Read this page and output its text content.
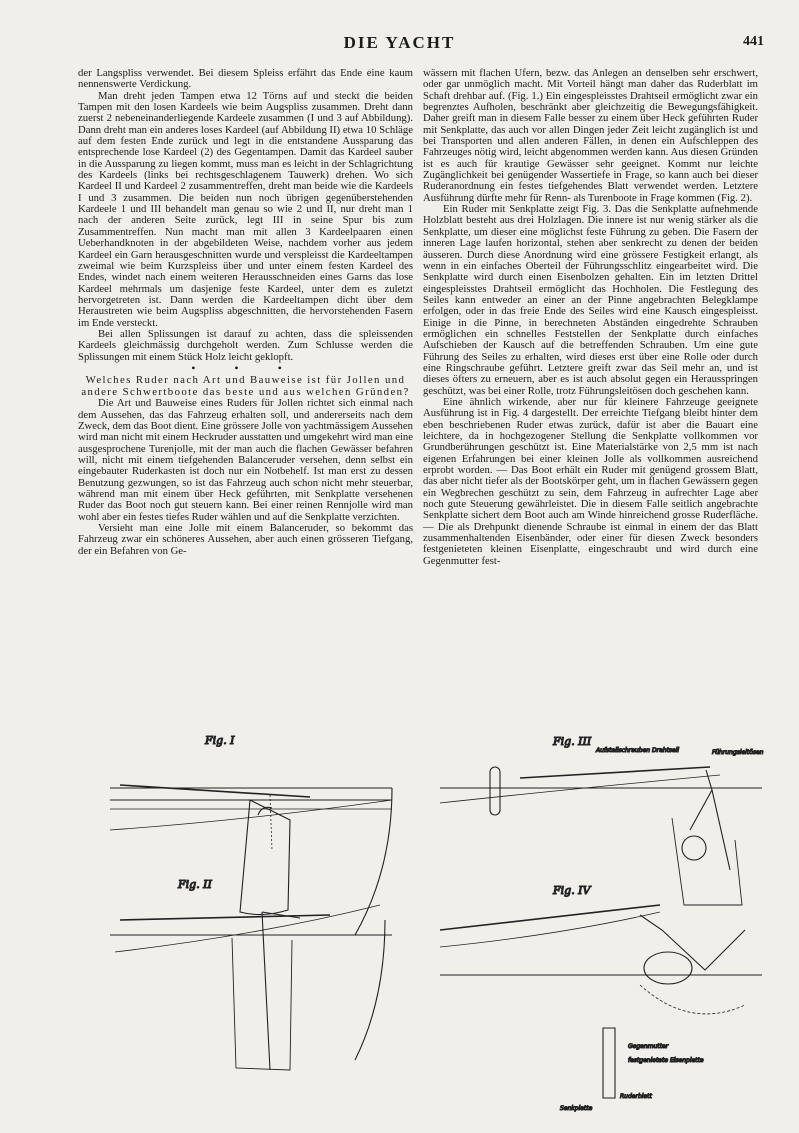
DIE YACHT	441

der Langspliss verwendet. Bei diesem Spleiss erfährt das Ende eine kaum nennenswerte Verdickung.

Man dreht jeden Tampen etwa 12 Törns auf und steckt die beiden Tampen mit den losen Kardeels wie beim Augspliss zusammen. Dreht dann zuerst 2 nebeneinanderliegende Kardeele zusammen (I und 3 auf Abbildung). Dann dreht man ein anderes loses Kardeel (auf Abbildung II) etwa 10 Schläge auf dem festen Ende zurück und legt in die entstandene Aussparung das entsprechende lose Kardeel (2) des Gegentampen. Damit das Kardeel sauber in die Aussparung zu liegen kommt, muss man es leicht in der Schlagrichtung des Kardeels (links bei rechtsgeschlagenem Tauwerk) drehen. Wo sich Kardeel II und Kardeel 2 zusammentreffen, dreht man beide wie die Kardeels I und 3 zusammen. Die beiden nun noch übrigen gegenüberstehenden Kardeele 1 und III behandelt man genau so wie 2 und II, nur dreht man 1 nach der anderen Seite zurück, legt III in seine Spur bis zum Zusammentreffen. Nun macht man mit allen 3 Kardeelpaaren einen Ueberhandknoten in der abgebildeten Weise, nachdem vorher aus jedem Kardeel ein Garn herausgeschnitten wurde und verspleisst die Kardeeltampen zweimal wie beim Kurzspleiss über und unter einem festen Kardeel des Endes, windet nach einem weiteren Herausschneiden eines Garns das lose Kardeel mehrmals um dasjenige feste Kardeel, unter dem es zuletzt hervorgetreten ist. Dann werden die Kardeeltampen dicht über dem Heraustreten wie beim Augspliss abgeschnitten, die hervorstehenden Fasern im Ende versteckt.

Bei allen Splissungen ist darauf zu achten, dass die spleissenden Kardeels gleichmässig durchgeholt werden. Zum Schlusse werden die Splissungen mit einem Stück Holz leicht geklopft.

• • •

Welches Ruder nach Art und Bauweise ist für Jollen und andere Schwertboote das beste und aus welchen Gründen?

Die Art und Bauweise eines Ruders für Jollen richtet sich einmal nach dem Aussehen, das das Fahrzeug erhalten soll, und andererseits nach dem Zweck, dem das Boot dient. Eine grössere Jolle von yachtmässigem Aussehen wird man nicht mit einem Heckruder ausstatten und umgekehrt wird man eine ausgesprochene Turenjolle, mit der man auch die flachen Gewässer befahren will, nicht mit einem tiefgehenden Balanceruder versehen, denn selbst ein eingebauter Ruderkasten ist doch nur ein Notbehelf. Ist man erst zu dessen Benutzung gezwungen, so ist das Fahrzeug auch schon nicht mehr steuerbar, während man mit einem über Heck geführten, mit Senkplatte versehenen Ruder das Boot noch gut steuern kann. Bei einer reinen Rennjolle wird man wohl aber ein festes tiefes Ruder wählen und auf die Senkplatte verzichten.

Versieht man eine Jolle mit einem Balanceruder, so bekommt das Fahrzeug zwar ein schöneres Aussehen, aber auch einen grösseren Tiefgang, der ein Befahren von Ge-

wässern mit flachen Ufern, bezw. das Anlegen an denselben sehr erschwert, oder gar unmöglich macht. Mit Vorteil hängt man daher das Ruderblatt im Schaft drehbar auf. (Fig. 1.) Ein eingespleisstes Drahtseil ermöglicht zwar ein begrenztes Aufholen, beschränkt aber gleichzeitig die Bewegungsfähigkeit. Daher greift man in diesem Falle besser zu einem über Heck geführten Ruder mit Senkplatte, das auch vor allen Dingen jeder Zeit leicht zugänglich ist und bei Transporten und allen anderen Fällen, in denen ein Aufschleppen des Fahrzeuges nötig wird, leicht abgenommen werden kann. Aus diesen Gründen ist es auch für krautige Gewässer sehr geeignet. Kommt nur leichte Zugänglichkeit bei genügender Wassertiefe in Frage, so kann auch bei dieser Ruderanordnung ein festes tiefgehendes Blatt verwendet werden. Letztere Ausführung dürfte mehr für Renn- als Turenboote in Frage kommen (Fig. 2).

Ein Ruder mit Senkplatte zeigt Fig. 3. Das die Senkplatte aufnehmende Holzblatt besteht aus drei Holzlagen. Die innere ist nur wenig stärker als die Senkplatte, um dieser eine möglichst feste Führung zu geben. Die Fasern der inneren Lage laufen horizontal, stehen aber senkrecht zu denen der beiden äusseren. Durch diese Anordnung wird eine grössere Festigkeit erlangt, als wenn in ein einfaches Oberteil der Führungsschlitz eingearbeitet wird. Die Senkplatte wird durch einen Eisenbolzen gehalten. Ein im letzten Drittel eingespleisstes Drahtseil ermöglicht das Hochholen. Die Festlegung des Seiles kann entweder an einer an der Pinne angebrachten Belegklampe erfolgen, oder in das freie Ende des Seiles wird eine Kausch eingespleisst. Einige in die Pinne, in berechneten Abständen eingedrehte Schrauben ermöglichen ein schnelles Feststellen der Senkplatte durch einfaches Aufschieben der Kausch auf die betreffenden Schrauben. Um eine gute Führung des Seiles zu erhalten, wird dieses erst über eine Rolle oder durch eine Ringschraube geführt. Letztere greift zwar das Seil mehr an, und ist dieses öfters zu erneuern, aber es ist auch absolut gegen ein Herausspringen geschützt, was bei einer Rolle, trotz Führungsleitösen doch geschehen kann.

Eine ähnlich wirkende, aber nur für kleinere Fahrzeuge geeignete Ausführung ist in Fig. 4 dargestellt. Der erreichte Tiefgang bleibt hinter dem eben beschriebenen Ruder etwas zurück, dafür ist aber die Bauart eine leichtere, da in hochgezogener Stellung die Senkplatte vollkommen vor Grundberührungen geschützt ist. Eine Materialstärke von 2,5 mm ist nach eigenen Erfahrungen bei einer kleinen Jolle als vollkommen ausreichend erprobt worden. — Das Boot erhält ein Ruder mit genügend grossem Blatt, das aber nicht tiefer als der Bootskörper geht, um in flachen Gewässern gegen ein Wegbrechen geschützt zu sein, dem Fahrzeug in aufrechter Lage aber noch gute Steuerung gewährleistet. Die in diesem Falle seitlich angebrachte Senkplatte sichert dem Boot auch am Winde hinreichend grosse Ruderfläche. — Die als Drehpunkt dienende Schraube ist einmal in einem der das Blatt zusammenhaltenden Eisenbänder, oder einer für diesen Zweck besonders festgenieteten kleinen Eisenplatte, eingeschraubt und wird durch eine Gegenmutter fest-

Fig. I
Fig. II
Fig. III
Aufstellschrauben Drahtseil	Führungsleitösen
Fig. IV
Gegenmutter
festgenietete Eisenplatte
Senkplatte
Ruderblatt
